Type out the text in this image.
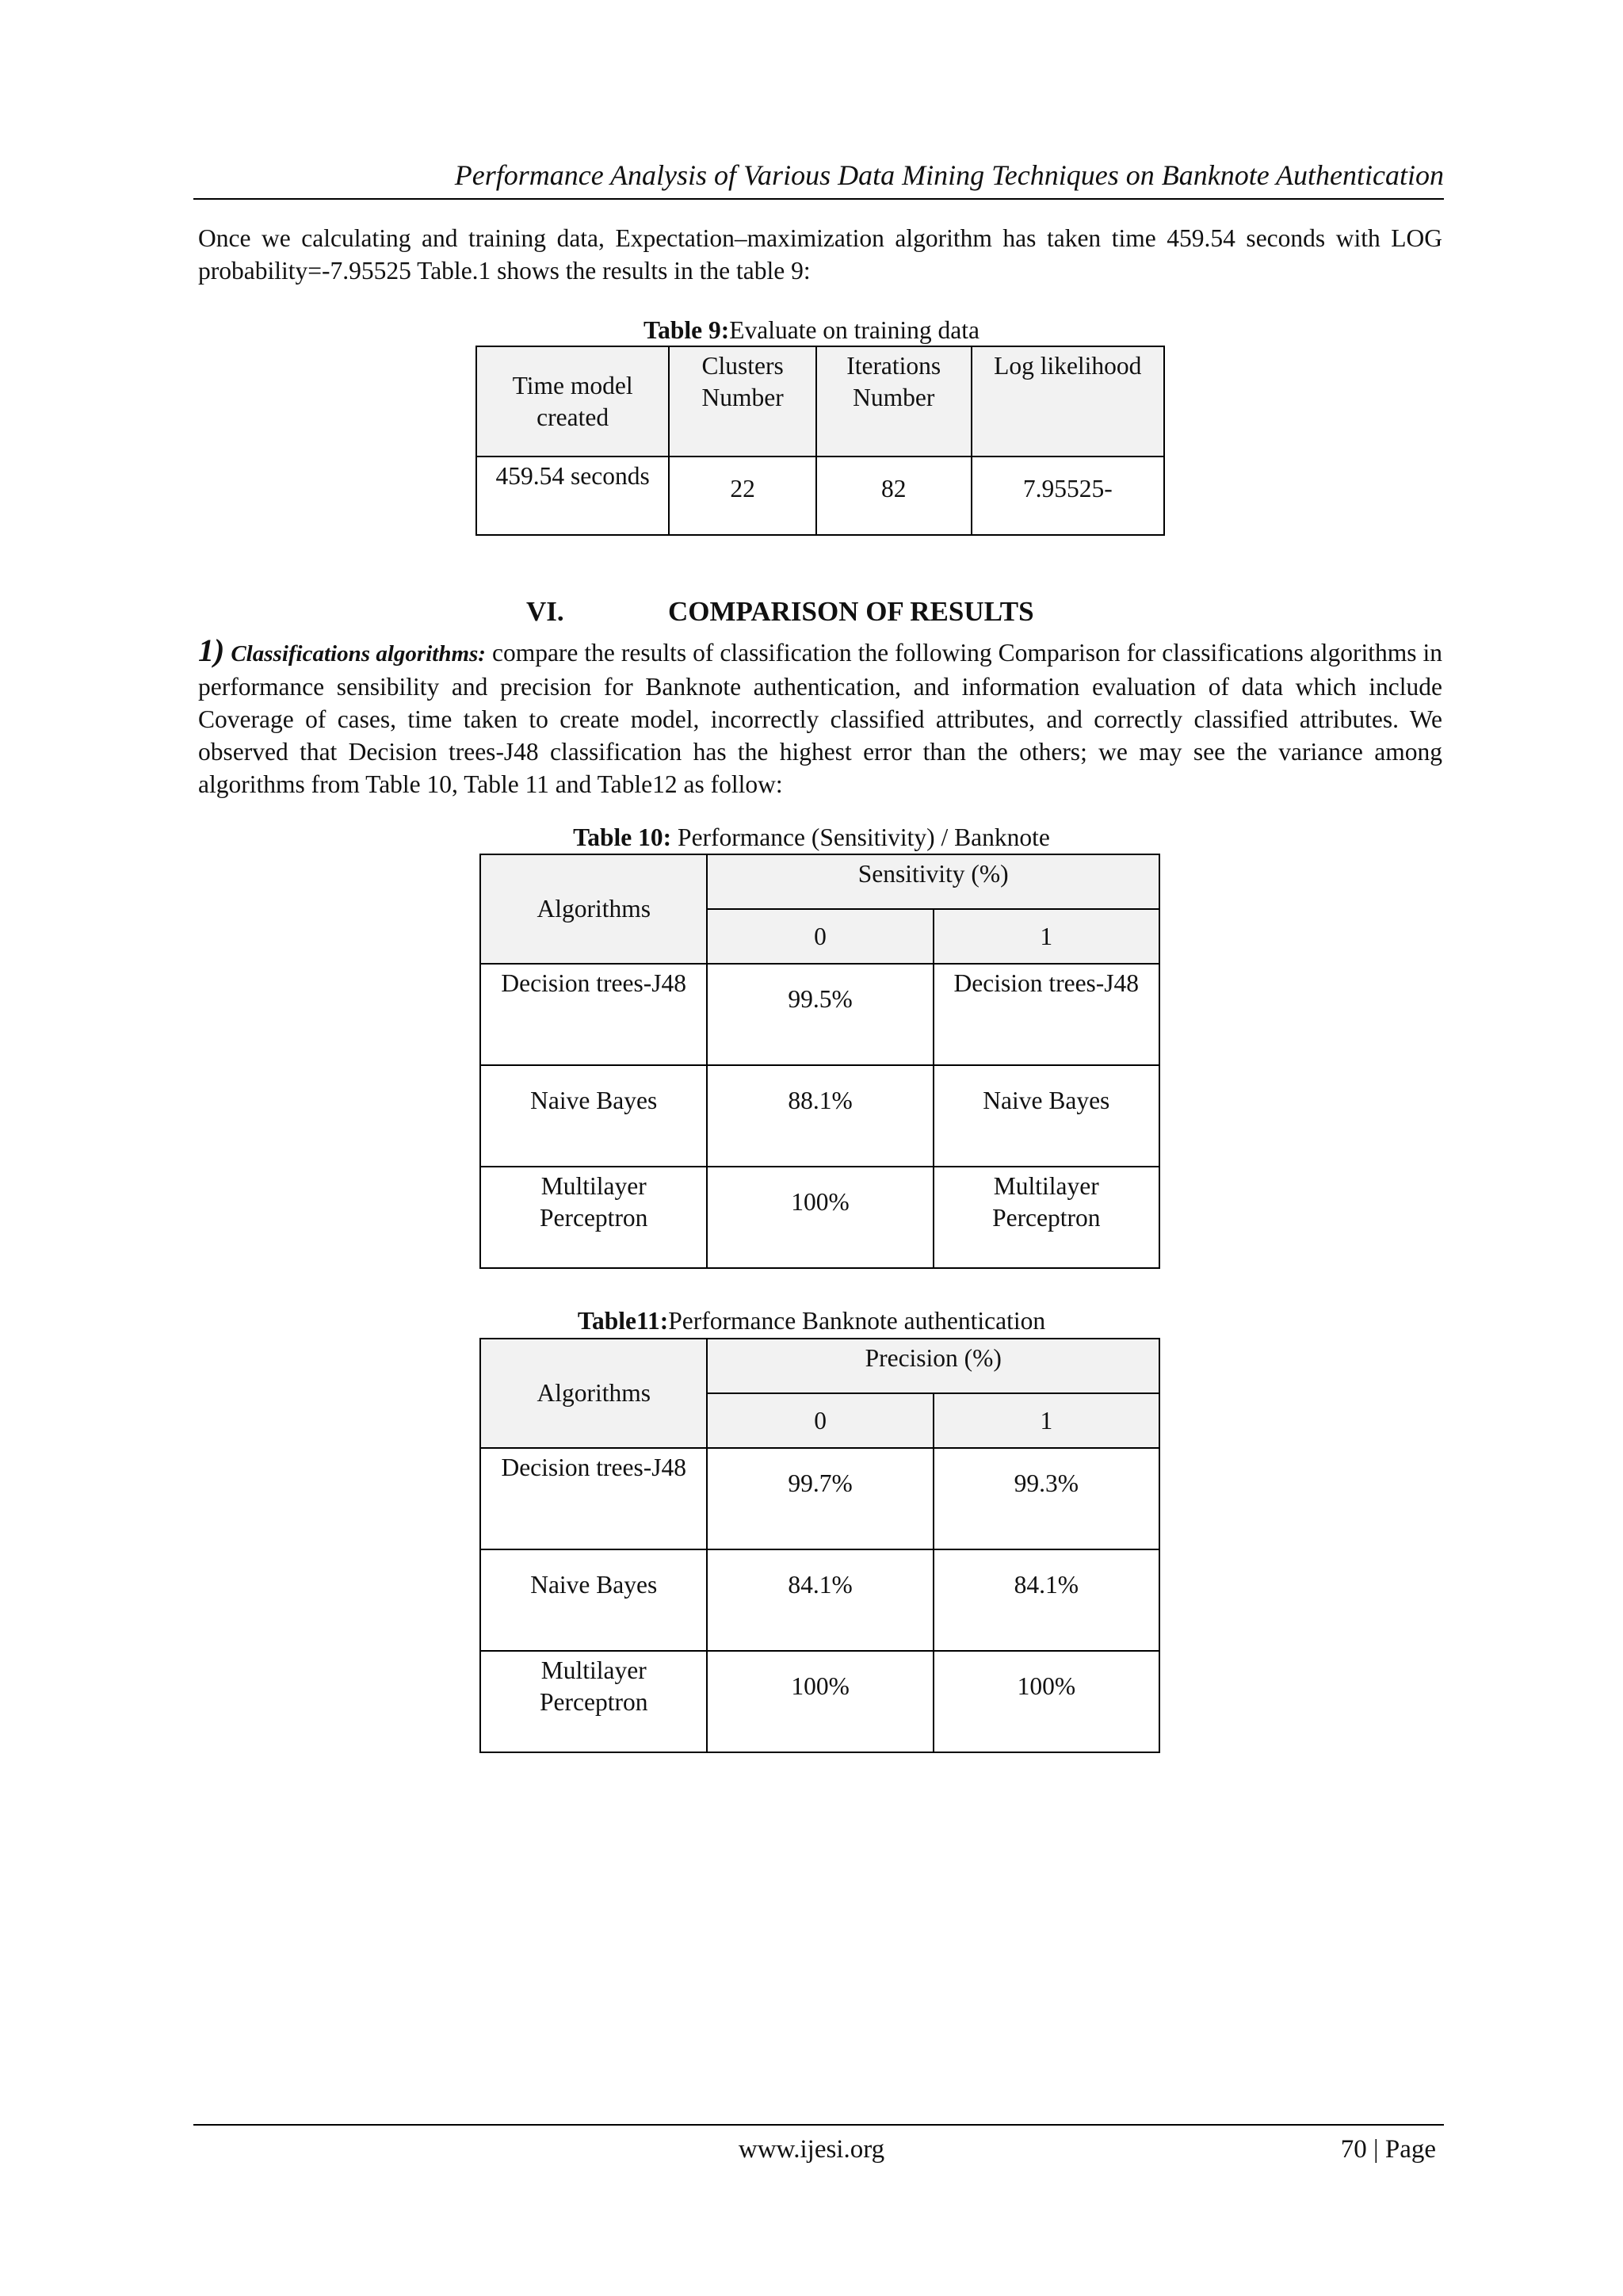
Performance Analysis of Various Data Mining Techniques on Banknote Authentication
Once we calculating and training data, Expectation–maximization algorithm has taken time 459.54 seconds with LOG probability=-7.95525 Table.1 shows the results in the table 9:
Table 9:Evaluate on training data
Time model created	Clusters Number	Iterations Number	Log likelihood
459.54 seconds	22	82	7.95525-
VI.	COMPARISON OF RESULTS
1) Classifications algorithms: compare the results of classification the following Comparison for classifications algorithms in performance sensibility and precision for Banknote authentication, and information evaluation of data which include Coverage of cases, time taken to create model, incorrectly classified attributes, and correctly classified attributes. We observed that Decision trees-J48 classification has the highest error than the others; we may see the variance among algorithms from Table 10, Table 11 and Table12 as follow:
Table 10: Performance (Sensitivity) / Banknote
Algorithms	Sensitivity (%)	
	0	1
Decision trees-J48	99.5%	Decision trees-J48
Naive Bayes	88.1%	Naive Bayes
Multilayer Perceptron	100%	Multilayer Perceptron
Table11:Performance Banknote authentication
Algorithms	Precision (%)	
	0	1
Decision trees-J48	99.7%	99.3%
Naive Bayes	84.1%	84.1%
Multilayer Perceptron	100%	100%
www.ijesi.org	70 | Page
